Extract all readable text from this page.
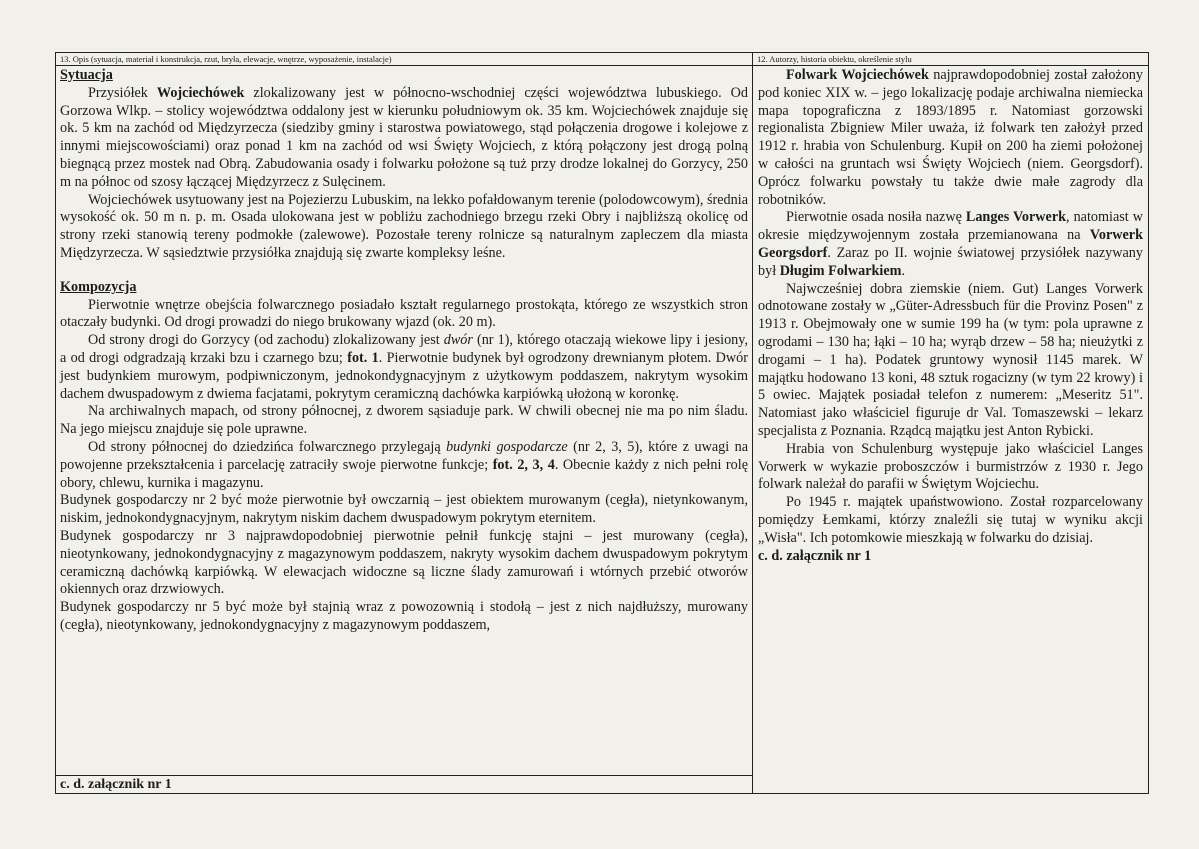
13. Opis (sytuacja, materiał i konstrukcja, rzut, bryła, elewacje, wnętrze, wyposażenie, instalacje)

Sytuacja

Przysiółek Wojciechówek zlokalizowany jest w północno-wschodniej części województwa lubuskiego. Od Gorzowa Wlkp. – stolicy województwa oddalony jest w kierunku południowym ok. 35 km. Wojciechówek znajduje się ok. 5 km na zachód od Międzyrzecza (siedziby gminy i starostwa powiatowego, stąd połączenia drogowe i kolejowe z innymi miejscowościami) oraz ponad 1 km na zachód od wsi Święty Wojciech, z którą połączony jest drogą polną biegnącą przez mostek nad Obrą. Zabudowania osady i folwarku położone są tuż przy drodze lokalnej do Gorzycy, 250 m na północ od szosy łączącej Międzyrzecz z Sulęcinem.

Wojciechówek usytuowany jest na Pojezierzu Lubuskim, na lekko pofałdowanym terenie (polodowcowym), średnia wysokość ok. 50 m n. p. m. Osada ulokowana jest w pobliżu zachodniego brzegu rzeki Obry i najbliższą okolicę od strony rzeki stanowią tereny podmokłe (zalewowe). Pozostałe tereny rolnicze są naturalnym zapleczem dla miasta Międzyrzecza. W sąsiedztwie przysiółka znajdują się zwarte kompleksy leśne.

Kompozycja

Pierwotnie wnętrze obejścia folwarcznego posiadało kształt regularnego prostokąta, którego ze wszystkich stron otaczały budynki. Od drogi prowadzi do niego brukowany wjazd (ok. 20 m).

Od strony drogi do Gorzycy (od zachodu) zlokalizowany jest dwór (nr 1), którego otaczają wiekowe lipy i jesiony, a od drogi odgradzają krzaki bzu i czarnego bzu; fot. 1. Pierwotnie budynek był ogrodzony drewnianym płotem. Dwór jest budynkiem murowym, podpiwniczonym, jednokondygnacyjnym z użytkowym poddaszem, nakrytym wysokim dachem dwuspadowym z dwiema facjatami, pokrytym ceramiczną dachówka karpiówką ułożoną w koronkę.

Na archiwalnych mapach, od strony północnej, z dworem sąsiaduje park. W chwili obecnej nie ma po nim śladu. Na jego miejscu znajduje się pole uprawne.

Od strony północnej do dziedzińca folwarcznego przylegają budynki gospodarcze (nr 2, 3, 5), które z uwagi na powojenne przekształcenia i parcelację zatraciły swoje pierwotne funkcje; fot. 2, 3, 4. Obecnie każdy z nich pełni rolę obory, chlewu, kurnika i magazynu.

Budynek gospodarczy nr 2 być może pierwotnie był owczarnią – jest obiektem murowanym (cegła), nietynkowanym, niskim, jednokondygnacyjnym, nakrytym niskim dachem dwuspadowym pokrytym eternitem.

Budynek gospodarczy nr 3 najprawdopodobniej pierwotnie pełnił funkcję stajni – jest murowany (cegła), nieotynkowany, jednokondygnacyjny z magazynowym poddaszem, nakryty wysokim dachem dwuspadowym pokrytym ceramiczną dachówką karpiówką. W elewacjach widoczne są liczne ślady zamurowań i wtórnych przebić otworów okiennych oraz drzwiowych.

Budynek gospodarczy nr 5 być może był stajnią wraz z powozownią i stodołą – jest z nich najdłuższy, murowany (cegła), nieotynkowany, jednokondygnacyjny z magazynowym poddaszem,

c. d. załącznik nr 1
12. Autorzy, historia obiektu, określenie stylu

Folwark Wojciechówek najprawdopodobniej został założony pod koniec XIX w. – jego lokalizację podaje archiwalna niemiecka mapa topograficzna z 1893/1895 r. Natomiast gorzowski regionalista Zbigniew Miler uważa, iż folwark ten założył przed 1912 r. hrabia von Schulenburg. Kupił on 200 ha ziemi położonej w całości na gruntach wsi Święty Wojciech (niem. Georgsdorf). Oprócz folwarku powstały tu także dwie małe zagrody dla robotników.

Pierwotnie osada nosiła nazwę Langes Vorwerk, natomiast w okresie międzywojennym została przemianowana na Vorwerk Georgsdorf. Zaraz po II. wojnie światowej przysiółek nazywany był Długim Folwarkiem.

Najwcześniej dobra ziemskie (niem. Gut) Langes Vorwerk odnotowane zostały w „Güter-Adressbuch für die Provinz Posen" z 1913 r. Obejmowały one w sumie 199 ha (w tym: pola uprawne z ogrodami – 130 ha; łąki – 10 ha; wyrąb drzew – 58 ha; nieużytki z drogami – 1 ha). Podatek gruntowy wynosił 1145 marek. W majątku hodowano 13 koni, 48 sztuk rogacizny (w tym 22 krowy) i 5 owiec. Majątek posiadał telefon z numerem: „Meseritz 51". Natomiast jako właściciel figuruje dr Val. Tomaszewski – lekarz specjalista z Poznania. Rządcą majątku jest Anton Rybicki.

Hrabia von Schulenburg występuje jako właściciel Langes Vorwerk w wykazie proboszczów i burmistrzów z 1930 r. Jego folwark należał do parafii w Świętym Wojciechu.

Po 1945 r. majątek upaństwowiono. Został rozparcelowany pomiędzy Łemkami, którzy znaleźli się tutaj w wyniku akcji „Wisła". Ich potomkowie mieszkają w folwarku do dzisiaj.

c. d. załącznik nr 1
